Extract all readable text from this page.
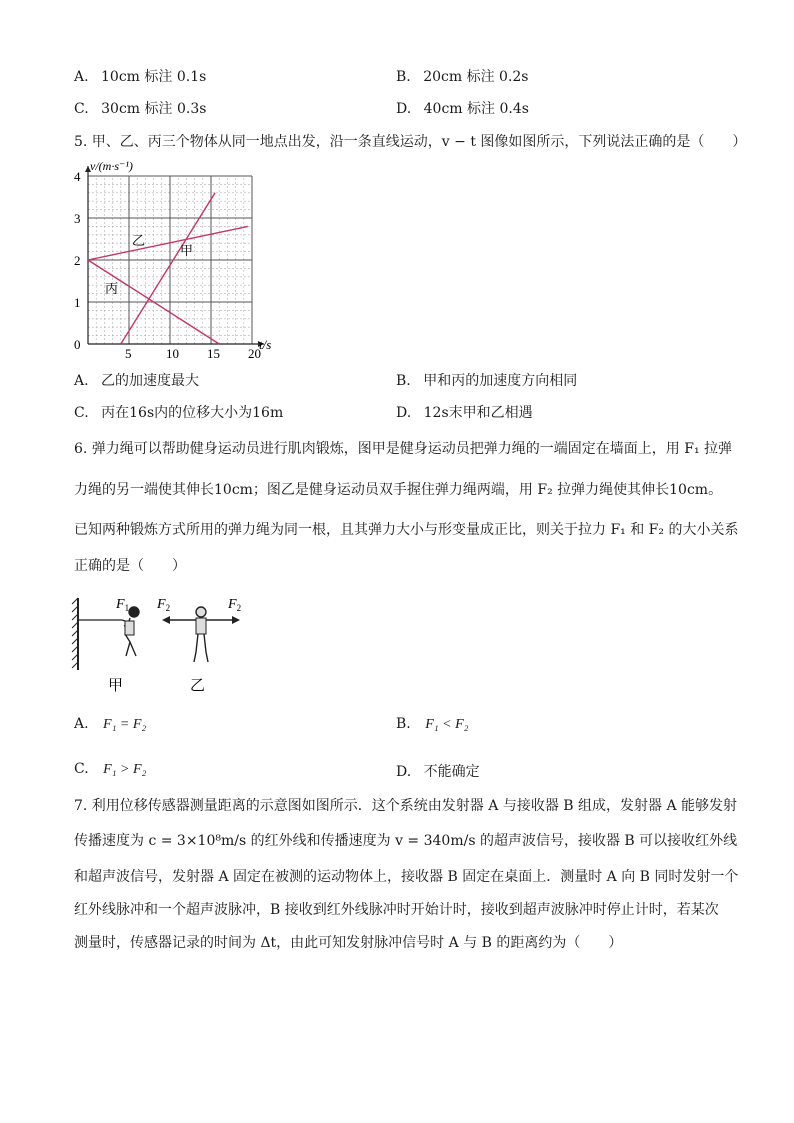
A. 10cm 标注 0.1s	B. 20cm 标注 0.2s
C. 30cm 标注 0.3s	D. 40cm 标注 0.4s
5. 甲、乙、丙三个物体从同一地点出发，沿一条直线运动，v − t 图像如图所示，下列说法正确的是（　　）
5	10 15 20
0
1
2
3
4
v/(m·s⁻¹)
t/s
乙
甲
丙
A. 乙的加速度最大	B. 甲和丙的加速度方向相同
C. 丙在16s内的位移大小为16m	D. 12s末甲和乙相遇
6. 弹力绳可以帮助健身运动员进行肌肉锻炼，图甲是健身运动员把弹力绳的一端固定在墙面上，用 F₁ 拉弹
力绳的另一端使其伸长10cm；图乙是健身运动员双手握住弹力绳两端，用 F₂ 拉弹力绳使其伸长10cm。
已知两种锻炼方式所用的弹力绳为同一根，且其弹力大小与形变量成正比，则关于拉力 F₁ 和 F₂ 的大小关系
正确的是（　　）
$F_1$ $F_2$	$F_2$
甲	乙
A. F₁ = F₂	B. F₁ < F₂
C. F₁ > F₂	D. 不能确定
7. 利用位移传感器测量距离的示意图如图所示．这个系统由发射器 A 与接收器 B 组成，发射器 A 能够发射
传播速度为 c = 3×10⁸m/s 的红外线和传播速度为 v = 340m/s 的超声波信号，接收器 B 可以接收红外线
和超声波信号，发射器 A 固定在被测的运动物体上，接收器 B 固定在桌面上．测量时 A 向 B 同时发射一个
红外线脉冲和一个超声波脉冲，B 接收到红外线脉冲时开始计时，接收到超声波脉冲时停止计时，若某次
测量时，传感器记录的时间为 Δt，由此可知发射脉冲信号时 A 与 B 的距离约为（　　）
